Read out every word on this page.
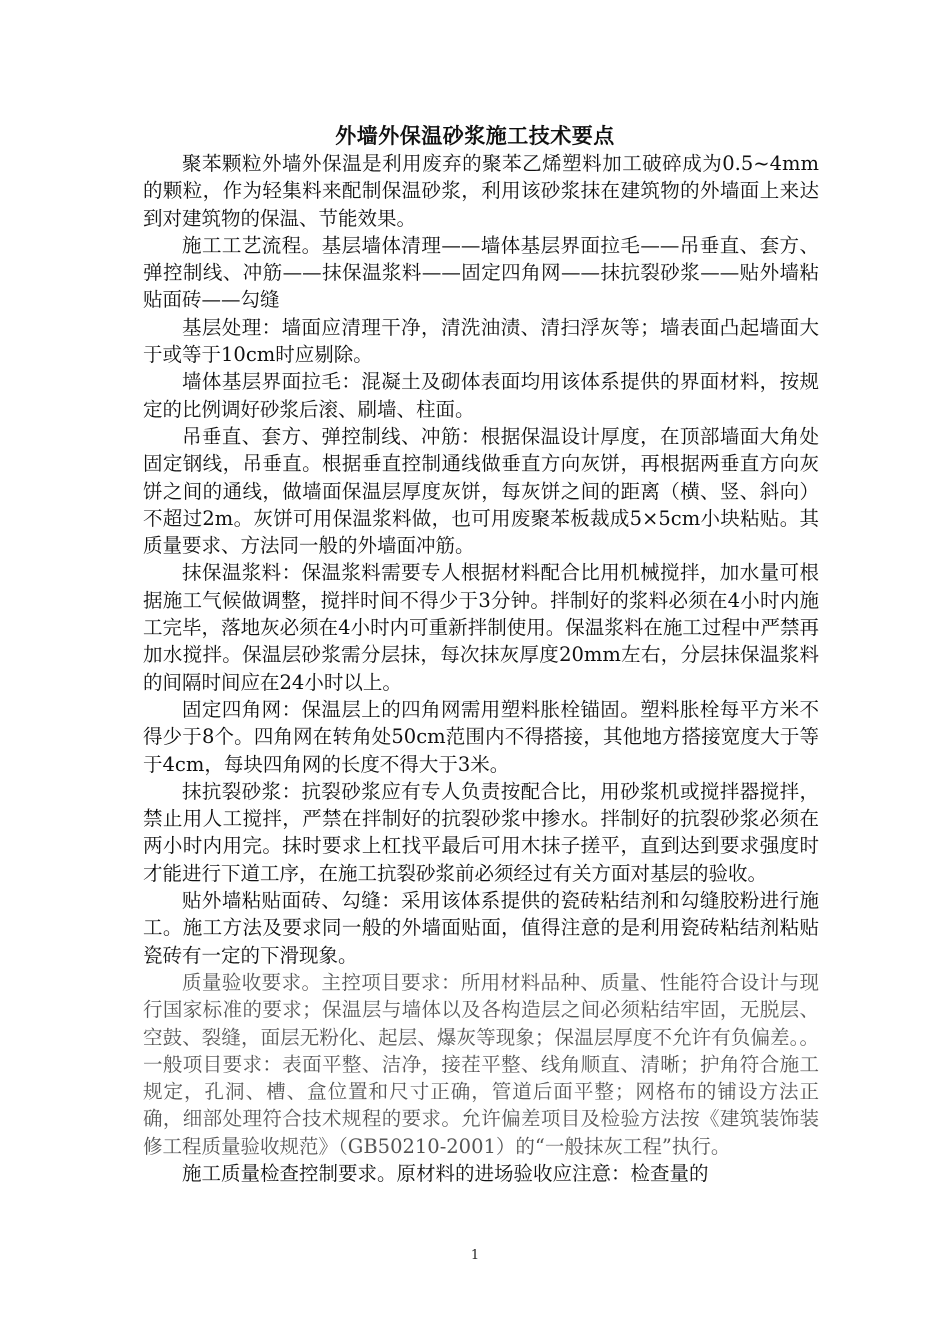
外墙外保温砂浆施工技术要点

聚苯颗粒外墙外保温是利用废弃的聚苯乙烯塑料加工破碎成为0.5~4mm的颗粒，作为轻集料来配制保温砂浆，利用该砂浆抹在建筑物的外墙面上来达到对建筑物的保温、节能效果。

施工工艺流程。基层墙体清理——墙体基层界面拉毛——吊垂直、套方、弹控制线、冲筋——抹保温浆料——固定四角网——抹抗裂砂浆——贴外墙粘贴面砖——勾缝

基层处理：墙面应清理干净，清洗油渍、清扫浮灰等；墙表面凸起墙面大于或等于10cm时应剔除。

墙体基层界面拉毛：混凝土及砌体表面均用该体系提供的界面材料，按规定的比例调好砂浆后滚、刷墙、柱面。

吊垂直、套方、弹控制线、冲筋：根据保温设计厚度，在顶部墙面大角处固定钢线，吊垂直。根据垂直控制通线做垂直方向灰饼，再根据两垂直方向灰饼之间的通线，做墙面保温层厚度灰饼，每灰饼之间的距离（横、竖、斜向）不超过2m。灰饼可用保温浆料做，也可用废聚苯板裁成5×5cm小块粘贴。其质量要求、方法同一般的外墙面冲筋。

抹保温浆料：保温浆料需要专人根据材料配合比用机械搅拌，加水量可根据施工气候做调整，搅拌时间不得少于3分钟。拌制好的浆料必须在4小时内施工完毕，落地灰必须在4小时内可重新拌制使用。保温浆料在施工过程中严禁再加水搅拌。保温层砂浆需分层抹，每次抹灰厚度20mm左右，分层抹保温浆料的间隔时间应在24小时以上。

固定四角网：保温层上的四角网需用塑料胀栓锚固。塑料胀栓每平方米不得少于8个。四角网在转角处50cm范围内不得搭接，其他地方搭接宽度大于等于4cm，每块四角网的长度不得大于3米。

抹抗裂砂浆：抗裂砂浆应有专人负责按配合比，用砂浆机或搅拌器搅拌，禁止用人工搅拌，严禁在拌制好的抗裂砂浆中掺水。拌制好的抗裂砂浆必须在两小时内用完。抹时要求上杠找平最后可用木抹子搓平，直到达到要求强度时才能进行下道工序，在施工抗裂砂浆前必须经过有关方面对基层的验收。

贴外墙粘贴面砖、勾缝：采用该体系提供的瓷砖粘结剂和勾缝胶粉进行施工。施工方法及要求同一般的外墙面贴面，值得注意的是利用瓷砖粘结剂粘贴瓷砖有一定的下滑现象。

质量验收要求。主控项目要求：所用材料品种、质量、性能符合设计与现行国家标准的要求；保温层与墙体以及各构造层之间必须粘结牢固，无脱层、空鼓、裂缝，面层无粉化、起层、爆灰等现象；保温层厚度不允许有负偏差。。一般项目要求：表面平整、洁净，接茬平整、线角顺直、清晰；护角符合施工规定，孔洞、槽、盒位置和尺寸正确，管道后面平整；网格布的铺设方法正确，细部处理符合技术规程的要求。允许偏差项目及检验方法按《建筑装饰装修工程质量验收规范》（GB50210-2001）的“一般抹灰工程”执行。

施工质量检查控制要求。原材料的进场验收应注意：检查量的

1
